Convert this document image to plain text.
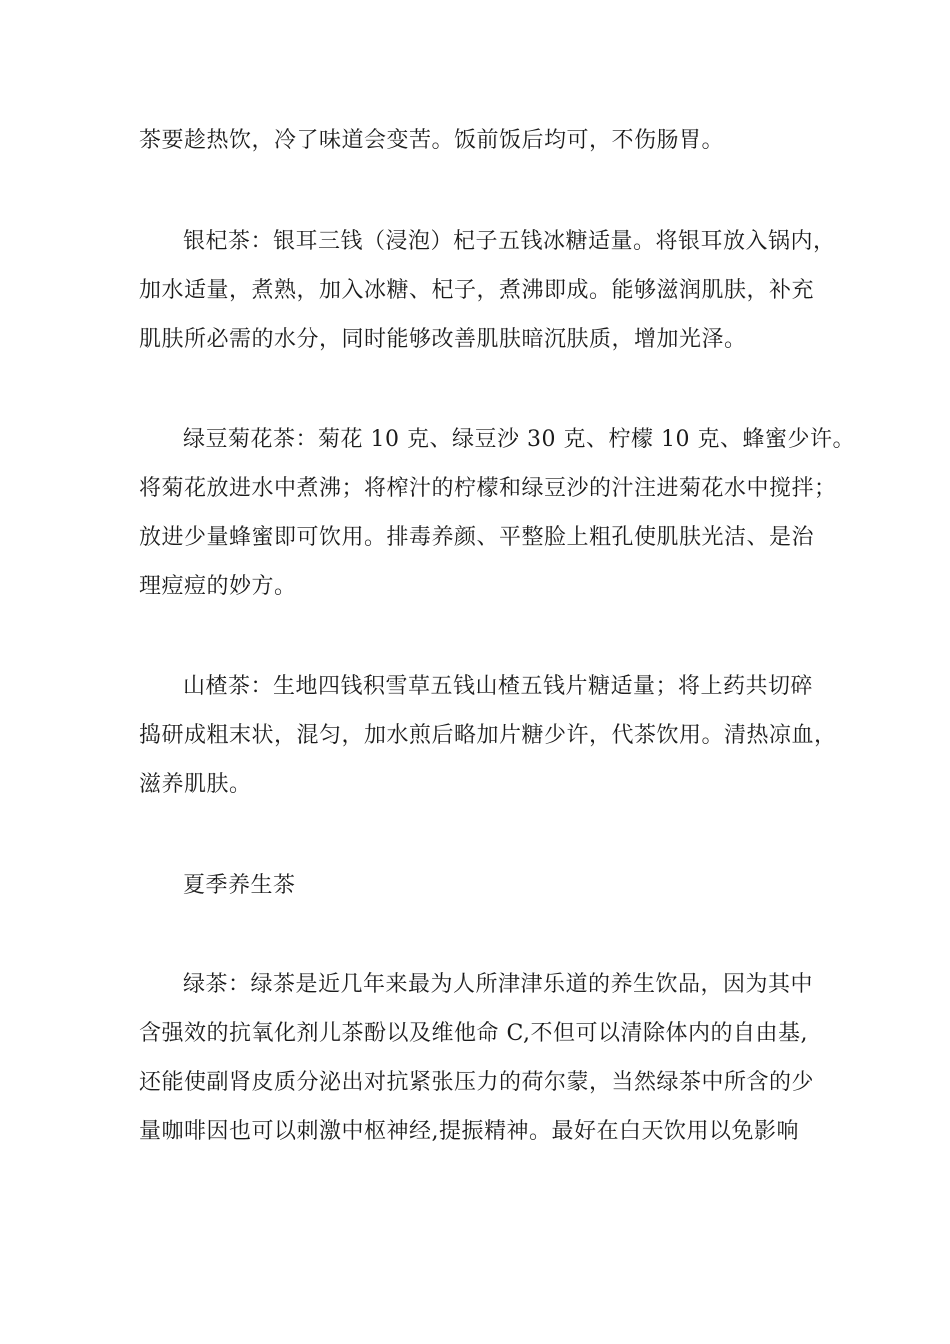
茶要趁热饮，冷了味道会变苦。饭前饭后均可，不伤肠胃。
银杞茶：银耳三钱（浸泡）杞子五钱冰糖适量。将银耳放入锅内，
加水适量，煮熟，加入冰糖、杞子，煮沸即成。能够滋润肌肤，补充
肌肤所必需的水分，同时能够改善肌肤暗沉肤质，增加光泽。
绿豆菊花茶：菊花 10 克、绿豆沙 30 克、柠檬 10 克、蜂蜜少许。
将菊花放进水中煮沸；将榨汁的柠檬和绿豆沙的汁注进菊花水中搅拌；
放进少量蜂蜜即可饮用。排毒养颜、平整脸上粗孔使肌肤光洁、是治
理痘痘的妙方。
山楂茶：生地四钱积雪草五钱山楂五钱片糖适量；将上药共切碎
捣研成粗末状，混匀，加水煎后略加片糖少许，代茶饮用。清热凉血，
滋养肌肤。
夏季养生茶
绿茶：绿茶是近几年来最为人所津津乐道的养生饮品，因为其中
含强效的抗氧化剂儿茶酚以及维他命 C,不但可以清除体内的自由基,
还能使副肾皮质分泌出对抗紧张压力的荷尔蒙，当然绿茶中所含的少
量咖啡因也可以刺激中枢神经,提振精神。最好在白天饮用以免影响
